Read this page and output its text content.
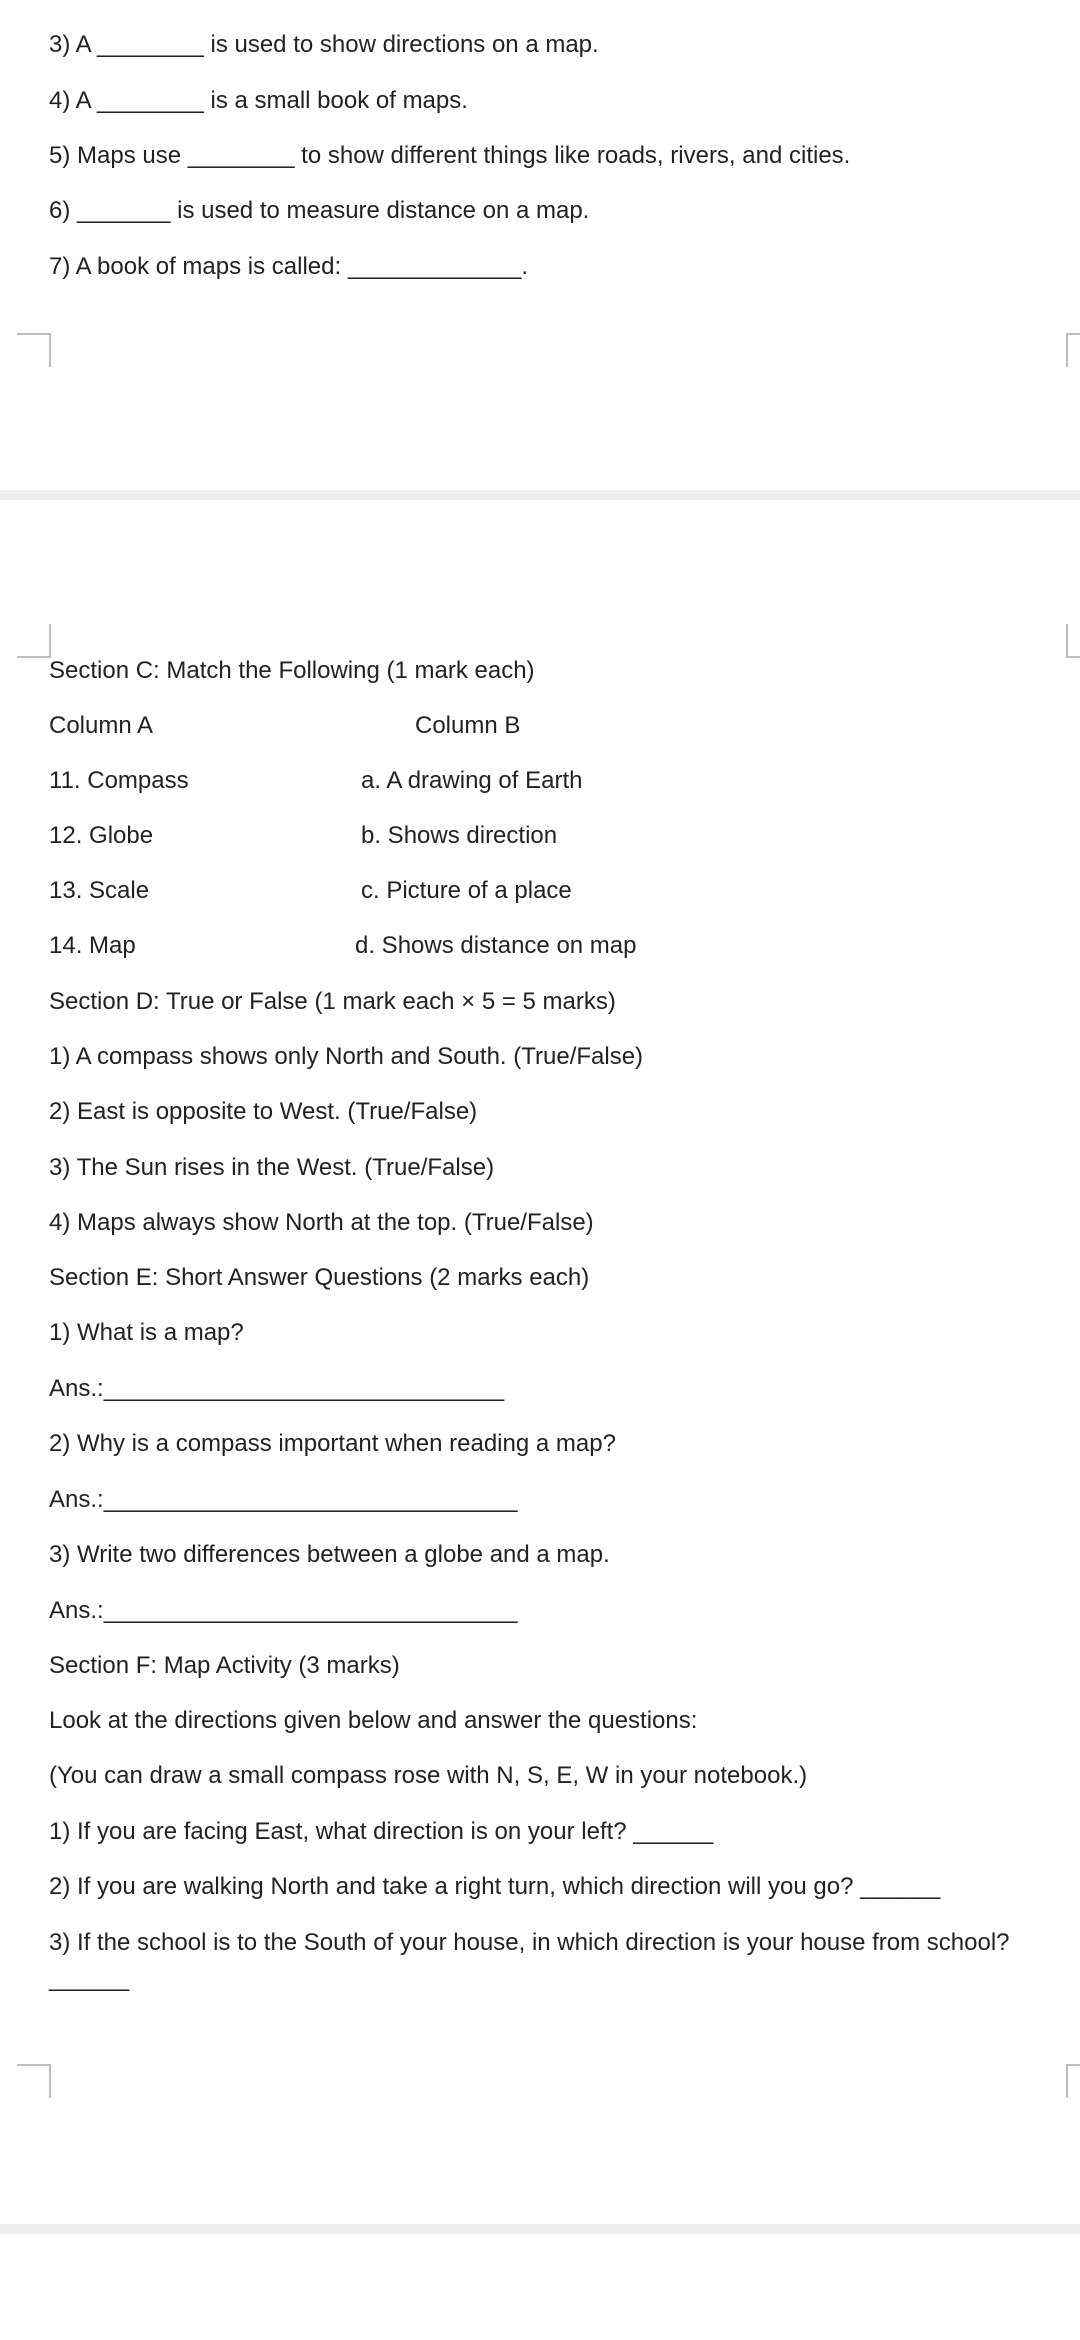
3) A ________ is used to show directions on a map.

4) A ________ is a small book of maps.

5) Maps use ________ to show different things like roads, rivers, and cities.

6) _______ is used to measure distance on a map.

7) A book of maps is called: _____________.

Section C: Match the Following (1 mark each)

Column A	Column B

11. Compass	a. A drawing of Earth

12. Globe	b. Shows direction

13. Scale	c. Picture of a place

14. Map	d. Shows distance on map

Section D: True or False (1 mark each × 5 = 5 marks)

1) A compass shows only North and South. (True/False)

2) East is opposite to West. (True/False)

3) The Sun rises in the West. (True/False)

4) Maps always show North at the top. (True/False)

Section E: Short Answer Questions (2 marks each)

1) What is a map?

Ans.:______________________________

2) Why is a compass important when reading a map?

Ans.:_______________________________

3) Write two differences between a globe and a map.

Ans.:_______________________________

Section F: Map Activity (3 marks)

Look at the directions given below and answer the questions:

(You can draw a small compass rose with N, S, E, W in your notebook.)

1) If you are facing East, what direction is on your left? ______

2) If you are walking North and take a right turn, which direction will you go? ______

3) If the school is to the South of your house, in which direction is your house from school?

______
